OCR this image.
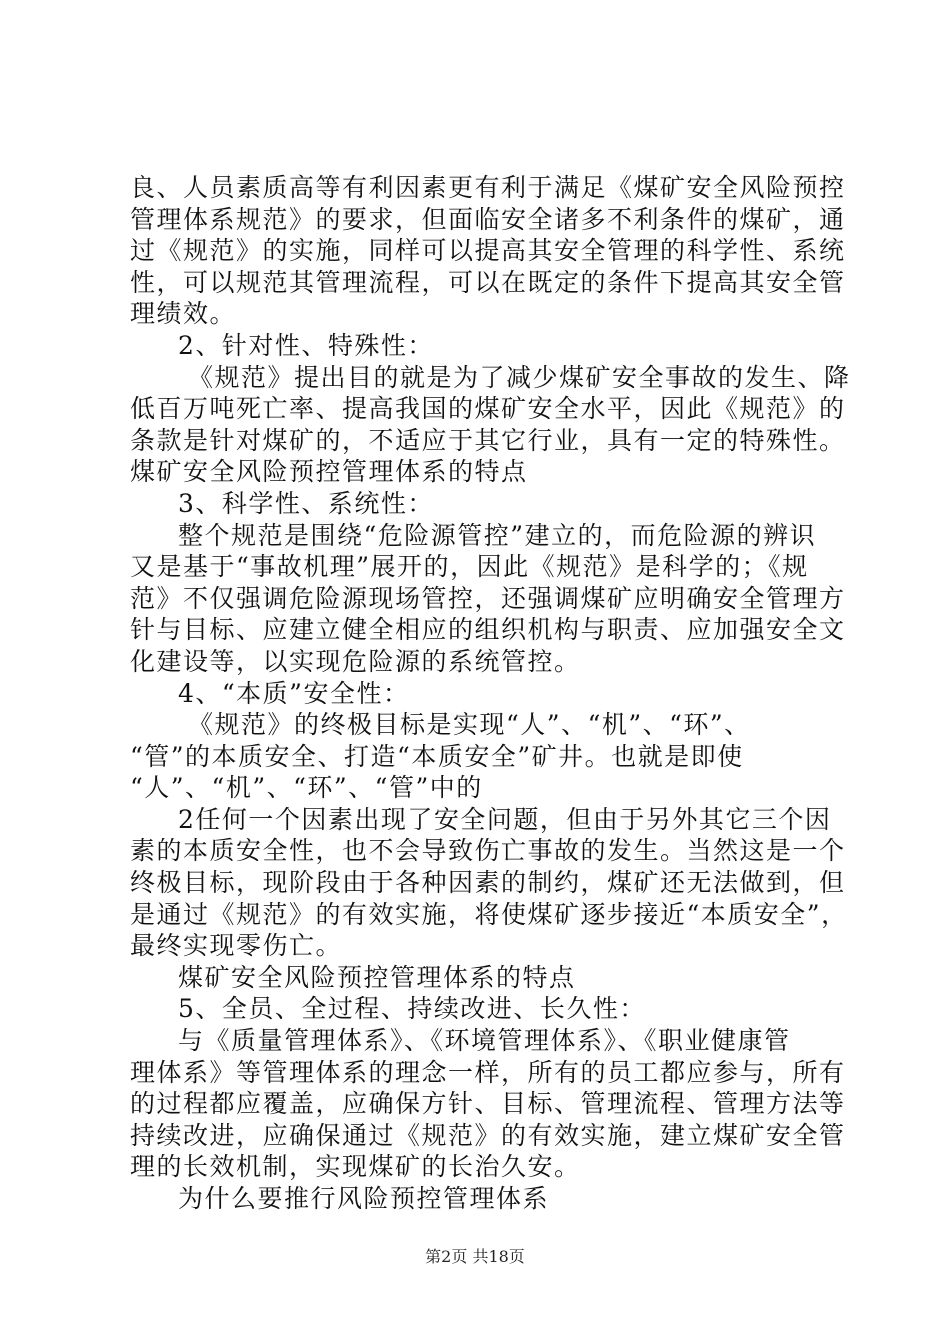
良、人员素质高等有利因素更有利于满足《煤矿安全风险预控
管理体系规范》的要求，但面临安全诸多不利条件的煤矿，通
过《规范》的实施，同样可以提高其安全管理的科学性、系统
性，可以规范其管理流程，可以在既定的条件下提高其安全管
理绩效。
2、针对性、特殊性：
《规范》提出目的就是为了减少煤矿安全事故的发生、降
低百万吨死亡率、提高我国的煤矿安全水平，因此《规范》的
条款是针对煤矿的，不适应于其它行业，具有一定的特殊性。
煤矿安全风险预控管理体系的特点
3、科学性、系统性：
整个规范是围绕“危险源管控”建立的，而危险源的辨识
又是基于“事故机理”展开的，因此《规范》是科学的；《规
范》不仅强调危险源现场管控，还强调煤矿应明确安全管理方
针与目标、应建立健全相应的组织机构与职责、应加强安全文
化建设等，以实现危险源的系统管控。
4、“本质”安全性：
《规范》的终极目标是实现“人”、“机”、“环”、
“管”的本质安全、打造“本质安全”矿井。也就是即使
“人”、“机”、“环”、“管”中的
2任何一个因素出现了安全问题，但由于另外其它三个因
素的本质安全性，也不会导致伤亡事故的发生。当然这是一个
终极目标，现阶段由于各种因素的制约，煤矿还无法做到，但
是通过《规范》的有效实施，将使煤矿逐步接近“本质安全”，
最终实现零伤亡。
煤矿安全风险预控管理体系的特点
5、全员、全过程、持续改进、长久性：
与《质量管理体系》、《环境管理体系》、《职业健康管
理体系》等管理体系的理念一样，所有的员工都应参与，所有
的过程都应覆盖，应确保方针、目标、管理流程、管理方法等
持续改进，应确保通过《规范》的有效实施，建立煤矿安全管
理的长效机制，实现煤矿的长治久安。
为什么要推行风险预控管理体系
第2页 共18页
